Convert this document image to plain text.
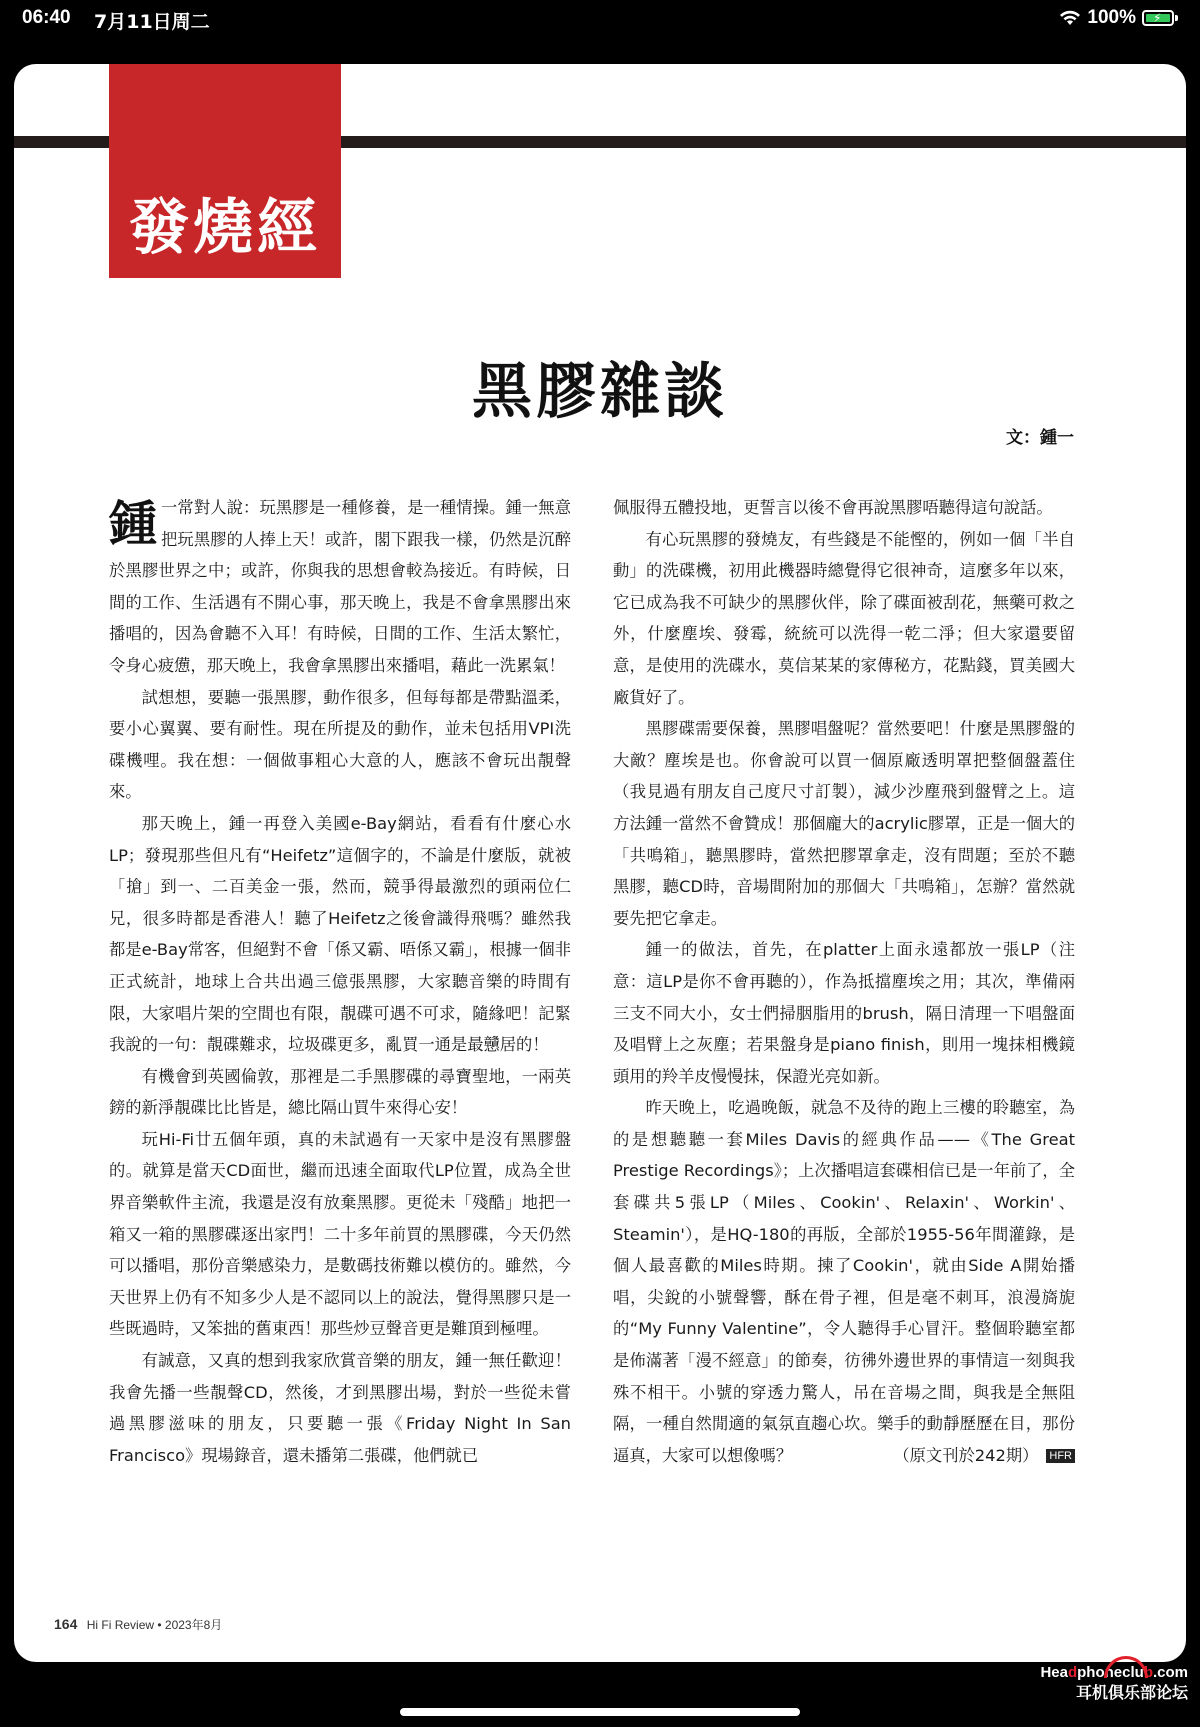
06:40 7月11日周二	100% ⚡
發燒經
黑膠雜談
文：鍾一

鍾一常對人說：玩黑膠是一種修養，是一種情操。鍾一無意把玩黑膠的人捧上天！或許，閣下跟我一樣，仍然是沉醉於黑膠世界之中；或許，你與我的思想會較為接近。有時候，日間的工作、生活遇有不開心事，那天晚上，我是不會拿黑膠出來播唱的，因為會聽不入耳！有時候，日間的工作、生活太繁忙，令身心疲憊，那天晚上，我會拿黑膠出來播唱，藉此一洗累氣！

試想想，要聽一張黑膠，動作很多，但每每都是帶點溫柔，要小心翼翼、要有耐性。現在所提及的動作，並未包括用VPI洗碟機哩。我在想：一個做事粗心大意的人，應該不會玩出靚聲來。

那天晚上，鍾一再登入美國e-Bay網站，看看有什麼心水LP；發現那些但凡有“Heifetz”這個字的，不論是什麼版，就被「搶」到一、二百美金一張，然而，競爭得最激烈的頭兩位仁兄，很多時都是香港人！聽了Heifetz之後會識得飛嗎？雖然我都是e-Bay常客，但絕對不會「係又霸、唔係又霸」，根據一個非正式統計，地球上合共出過三億張黑膠，大家聽音樂的時間有限，大家唱片架的空間也有限，靚碟可遇不可求，隨緣吧！記緊我說的一句：靚碟難求，垃圾碟更多，亂買一通是最戇居的！

有機會到英國倫敦，那裡是二手黑膠碟的尋寶聖地，一兩英鎊的新淨靚碟比比皆是，總比隔山買牛來得心安！

玩Hi-Fi廿五個年頭，真的未試過有一天家中是沒有黑膠盤的。就算是當天CD面世，繼而迅速全面取代LP位置，成為全世界音樂軟件主流，我還是沒有放棄黑膠。更從未「殘酷」地把一箱又一箱的黑膠碟逐出家門！二十多年前買的黑膠碟，今天仍然可以播唱，那份音樂感染力，是數碼技術難以模仿的。雖然，今天世界上仍有不知多少人是不認同以上的說法，覺得黑膠只是一些既過時，又笨拙的舊東西！那些炒豆聲音更是難頂到極哩。

有誠意，又真的想到我家欣賞音樂的朋友，鍾一無任歡迎！我會先播一些靚聲CD，然後，才到黑膠出場，對於一些從未嘗過黑膠滋味的朋友，只要聽一張《Friday Night In San Francisco》現場錄音，還未播第二張碟，他們就已

佩服得五體投地，更誓言以後不會再說黑膠唔聽得這句說話。

有心玩黑膠的發燒友，有些錢是不能慳的，例如一個「半自動」的洗碟機，初用此機器時總覺得它很神奇，這麼多年以來，它已成為我不可缺少的黑膠伙伴，除了碟面被刮花，無藥可救之外，什麼塵埃、發霉，統統可以洗得一乾二淨；但大家還要留意，是使用的洗碟水，莫信某某的家傳秘方，花點錢，買美國大廠貨好了。

黑膠碟需要保養，黑膠唱盤呢？當然要吧！什麼是黑膠盤的大敵？塵埃是也。你會說可以買一個原廠透明罩把整個盤蓋住（我見過有朋友自己度尺寸訂製），減少沙塵飛到盤臂之上。這方法鍾一當然不會贊成！那個龐大的acrylic膠罩，正是一個大的「共鳴箱」，聽黑膠時，當然把膠罩拿走，沒有問題；至於不聽黑膠，聽CD時，音場間附加的那個大「共鳴箱」，怎辦？當然就要先把它拿走。

鍾一的做法，首先，在platter上面永遠都放一張LP（注意：這LP是你不會再聽的），作為抵擋塵埃之用；其次，準備兩三支不同大小，女士們掃胭脂用的brush，隔日清理一下唱盤面及唱臂上之灰塵；若果盤身是piano finish，則用一塊抹相機鏡頭用的羚羊皮慢慢抹，保證光亮如新。

昨天晚上，吃過晚飯，就急不及待的跑上三樓的聆聽室，為的是想聽聽一套Miles Davis的經典作品——《The Great Prestige Recordings》；上次播唱這套碟相信已是一年前了，全套碟共5張LP（Miles、Cookin'、Relaxin'、Workin'、Steamin'），是HQ-180的再版，全部於1955-56年間灌錄，是個人最喜歡的Miles時期。揀了Cookin'，就由Side A開始播唱，尖銳的小號聲響，酥在骨子裡，但是毫不刺耳，浪漫旖旎的“My Funny Valentine”，令人聽得手心冒汗。整個聆聽室都是佈滿著「漫不經意」的節奏，彷彿外邊世界的事情這一刻與我殊不相干。小號的穿透力驚人，吊在音場之間，與我是全無阻隔，一種自然閒適的氣氛直趨心坎。樂手的動靜歷歷在目，那份逼真，大家可以想像嗎？	（原文刊於242期） HFR

164 Hi Fi Review • 2023年8月
Headphoneclub.com
耳机俱乐部论坛
